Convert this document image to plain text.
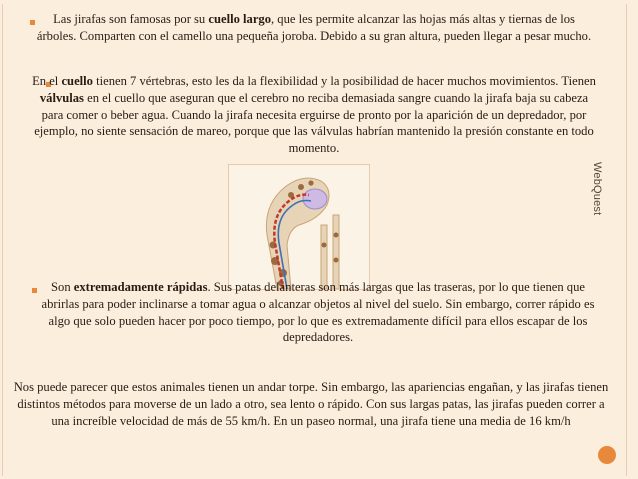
WebQuest
Las jirafas son famosas por su cuello largo, que les permite alcanzar las hojas más altas y tiernas de los árboles. Comparten con el camello una pequeña joroba. Debido a su gran altura, pueden llegar a pesar mucho.
En el cuello tienen 7 vértebras, esto les da la flexibilidad y la posibilidad de hacer muchos movimientos. Tienen válvulas en el cuello que aseguran que el cerebro no reciba demasiada sangre cuando la jirafa baja su cabeza para comer o beber agua. Cuando la jirafa necesita erguirse de pronto por la aparición de un depredador, por ejemplo, no siente sensación de mareo, porque que las válvulas habrían mantenido la presión constante en todo momento.
Son extremadamente rápidas. Sus patas delanteras son más largas que las traseras, por lo que tienen que abrirlas para poder inclinarse a tomar agua o alcanzar objetos al nivel del suelo. Sin embargo, correr rápido es algo que solo pueden hacer por poco tiempo, por lo que es extremadamente difícil para ellos escapar de los depredadores.
Nos puede parecer que estos animales tienen un andar torpe. Sin embargo, las apariencias engañan, y las jirafas tienen distintos métodos para moverse de un lado a otro, sea lento o rápido. Con sus largas patas, las jirafas pueden correr a una increíble velocidad de más de 55 km/h. En un paseo normal, una jirafa tiene una media de 16 km/h
